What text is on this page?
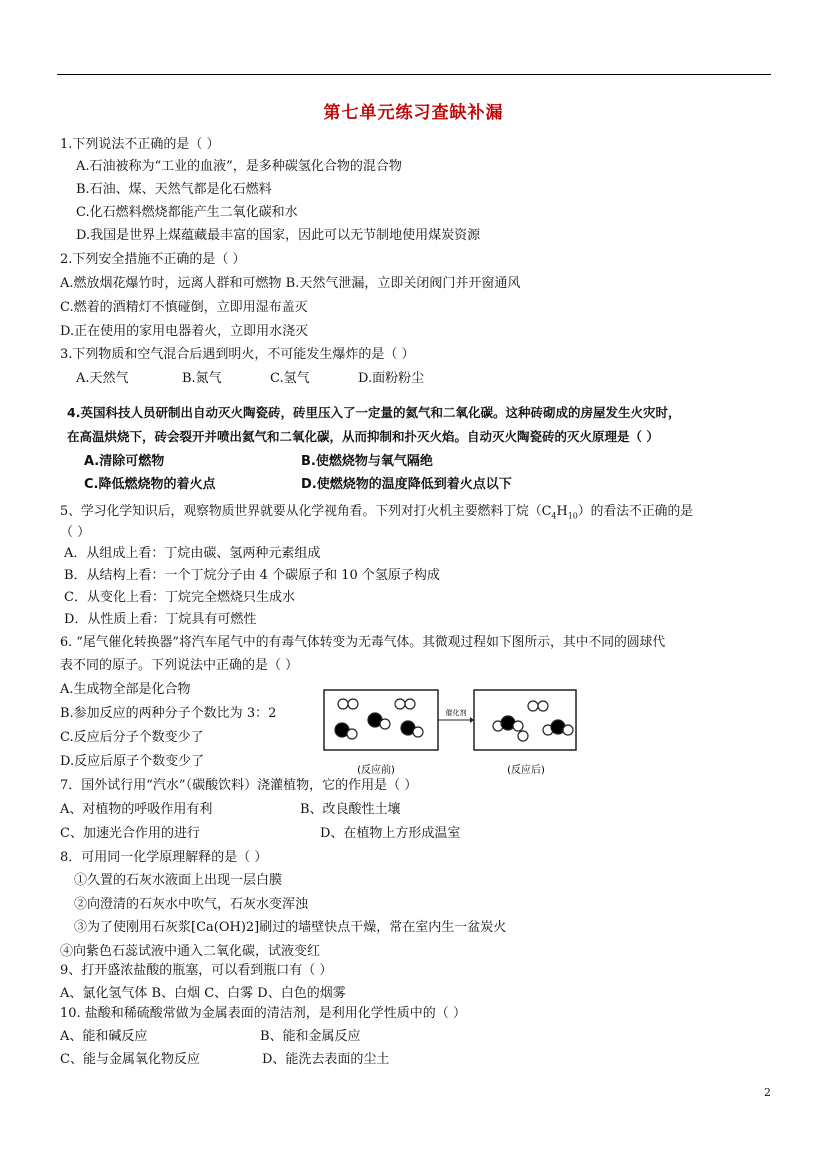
第七单元练习查缺补漏
1.下列说法不正确的是（ ）
A.石油被称为“工业的血液”，是多种碳氢化合物的混合物
B.石油、煤、天然气都是化石燃料
C.化石燃料燃烧都能产生二氧化碳和水
D.我国是世界上煤蕴藏最丰富的国家，因此可以无节制地使用煤炭资源
2.下列安全措施不正确的是（ ）
A.燃放烟花爆竹时，远离人群和可燃物 B.天然气泄漏，立即关闭阀门并开窗通风
C.燃着的酒精灯不慎碰倒，立即用湿布盖灭
D.正在使用的家用电器着火，立即用水浇灭
3.下列物质和空气混合后遇到明火，不可能发生爆炸的是（ ）
A.天然气	B.氮气	C.氢气	D.面粉粉尘
4.英国科技人员研制出自动灭火陶瓷砖，砖里压入了一定量的氦气和二氧化碳。这种砖砌成的房屋发生火灾时，
在高温烘烧下，砖会裂开并喷出氦气和二氧化碳，从而抑制和扑灭火焰。自动灭火陶瓷砖的灭火原理是（ ）
A.清除可燃物	B.使燃烧物与氧气隔绝
C.降低燃烧物的着火点	D.使燃烧物的温度降低到着火点以下
5、学习化学知识后，观察物质世界就要从化学视角看。下列对打火机主要燃料丁烷$(C_4H_{10})$的看法不正确的是
（ ）
A．从组成上看：丁烷由碳、氢两种元素组成
B．从结构上看：一个丁烷分子由 4 个碳原子和 10 个氢原子构成
C．从变化上看：丁烷完全燃烧只生成水
D．从性质上看：丁烷具有可燃性
6. “尾气催化转换器”将汽车尾气中的有毒气体转变为无毒气体。其微观过程如下图所示，其中不同的圆球代
表不同的原子。下列说法中正确的是（ ）
A.生成物全部是化合物
B.参加反应的两种分子个数比为 3：2
C.反应后分子个数变少了
D.反应后原子个数变少了
催化剂
(反应前)	(反应后)
7．国外试行用“汽水”（碳酸饮料）浇灌植物，它的作用是（ ）
A、对植物的呼吸作用有利	B、改良酸性土壤
C、加速光合作用的进行	D、在植物上方形成温室
8．可用同一化学原理解释的是（ ）
①久置的石灰水液面上出现一层白膜
②向澄清的石灰水中吹气，石灰水变浑浊
③为了使刚用石灰浆[Ca(OH)2]刷过的墙壁快点干燥，常在室内生一盆炭火
④向紫色石蕊试液中通入二氧化碳，试液变红
9、打开盛浓盐酸的瓶塞，可以看到瓶口有（ ）
A、氯化氢气体 B、白烟 C、白雾 D、白色的烟雾
10. 盐酸和稀硫酸常做为金属表面的清洁剂，是利用化学性质中的（ ）
A、能和碱反应	B、能和金属反应
C、能与金属氧化物反应	D、能洗去表面的尘土
2
